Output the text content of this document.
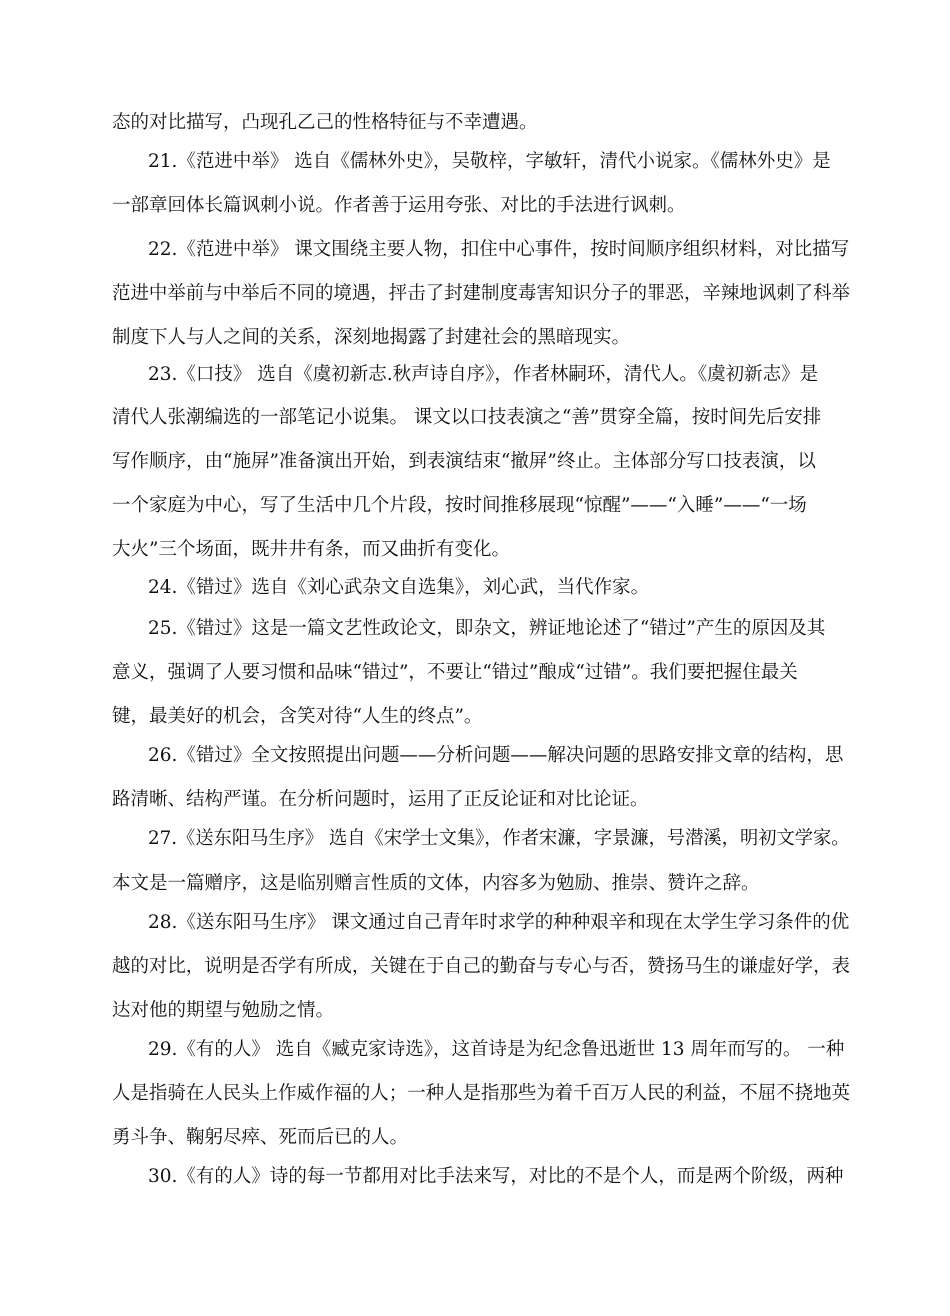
态的对比描写，凸现孔乙己的性格特征与不幸遭遇。
21.《范进中举》 选自《儒林外史》，吴敬梓，字敏轩，清代小说家。《儒林外史》是
一部章回体长篇讽刺小说。作者善于运用夸张、对比的手法进行讽刺。
22.《范进中举》 课文围绕主要人物，扣住中心事件，按时间顺序组织材料，对比描写
范进中举前与中举后不同的境遇，抨击了封建制度毒害知识分子的罪恶，辛辣地讽刺了科举
制度下人与人之间的关系，深刻地揭露了封建社会的黑暗现实。
23.《口技》 选自《虞初新志.秋声诗自序》，作者林嗣环，清代人。《虞初新志》是
清代人张潮编选的一部笔记小说集。 课文以口技表演之“善”贯穿全篇，按时间先后安排
写作顺序，由“施屏”准备演出开始，到表演结束“撤屏”终止。主体部分写口技表演，以
一个家庭为中心，写了生活中几个片段，按时间推移展现“惊醒”——“入睡”——“一场
大火”三个场面，既井井有条，而又曲折有变化。
24.《错过》选自《刘心武杂文自选集》，刘心武，当代作家。
25.《错过》这是一篇文艺性政论文，即杂文，辨证地论述了“错过”产生的原因及其
意义，强调了人要习惯和品味“错过”，不要让“错过”酿成“过错”。我们要把握住最关
键，最美好的机会，含笑对待“人生的终点”。
26.《错过》全文按照提出问题——分析问题——解决问题的思路安排文章的结构，思
路清晰、结构严谨。在分析问题时，运用了正反论证和对比论证。
27.《送东阳马生序》 选自《宋学士文集》，作者宋濂，字景濂，号潜溪，明初文学家。
本文是一篇赠序，这是临别赠言性质的文体，内容多为勉励、推崇、赞许之辞。
28.《送东阳马生序》 课文通过自己青年时求学的种种艰辛和现在太学生学习条件的优
越的对比，说明是否学有所成，关键在于自己的勤奋与专心与否，赞扬马生的谦虚好学，表
达对他的期望与勉励之情。
29.《有的人》 选自《臧克家诗选》，这首诗是为纪念鲁迅逝世 13 周年而写的。 一种
人是指骑在人民头上作威作福的人；一种人是指那些为着千百万人民的利益，不屈不挠地英
勇斗争、鞠躬尽瘁、死而后已的人。
30.《有的人》诗的每一节都用对比手法来写，对比的不是个人，而是两个阶级，两种
